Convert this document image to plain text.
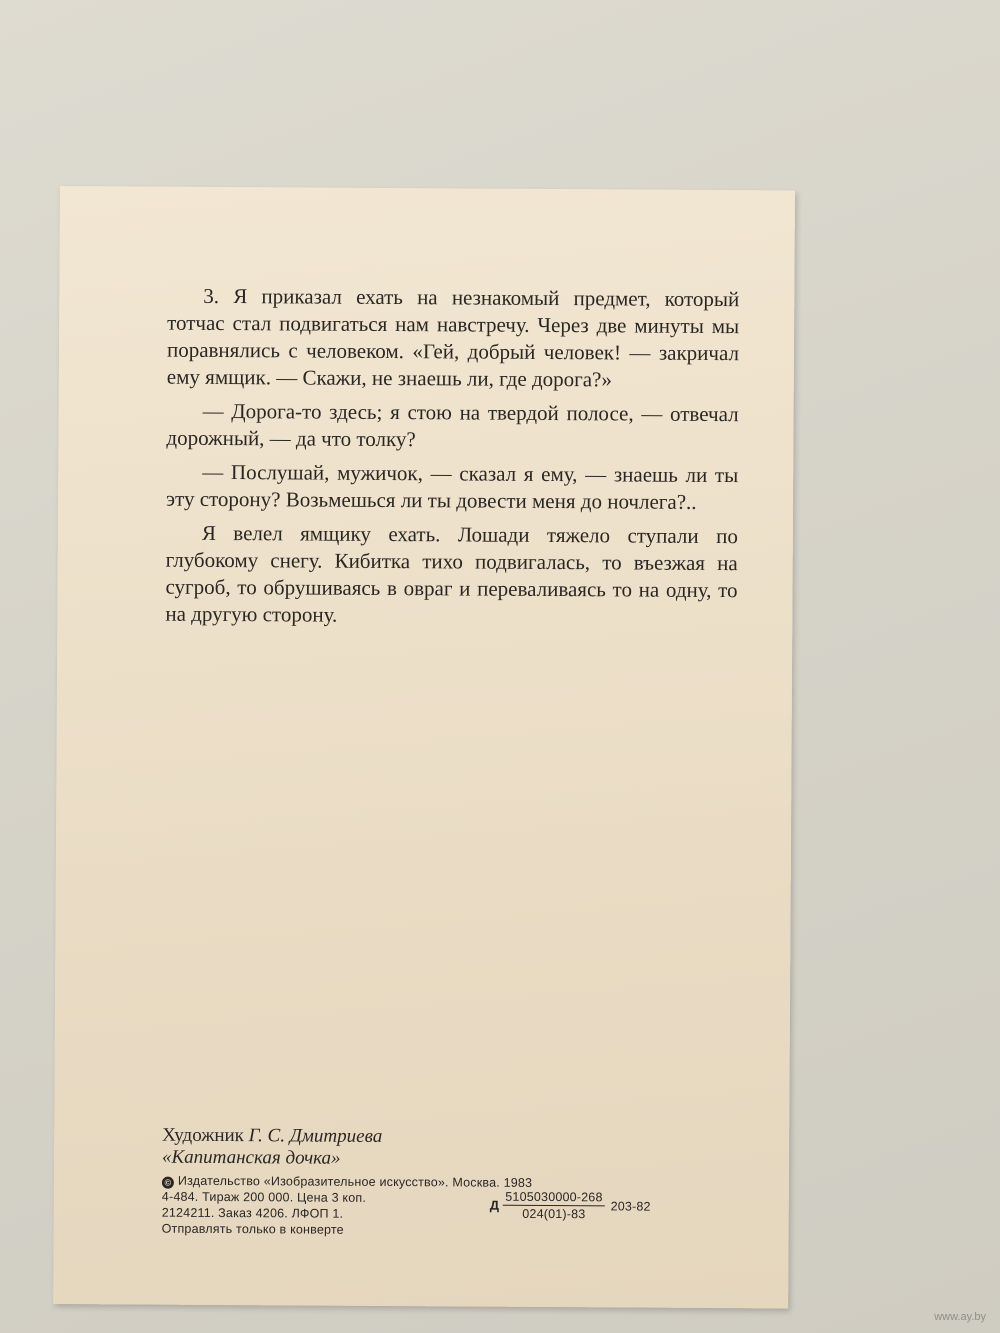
3. Я приказал ехать на незнакомый предмет, который тотчас стал подвигаться нам навстречу. Через две минуты мы поравнялись с человеком. «Гей, добрый человек! — закричал ему ямщик. — Скажи, не знаешь ли, где дорога?»

— Дорога-то здесь; я стою на твердой полосе, — отвечал дорожный, — да что толку?

— Послушай, мужичок, — сказал я ему, — знаешь ли ты эту сторону? Возьмешься ли ты довести меня до ночлега?..

Я велел ямщику ехать. Лошади тяжело ступали по глубокому снегу. Кибитка тихо подвигалась, то въезжая на сугроб, то обрушиваясь в овраг и переваливаясь то на одну, то на другую сторону.

Художник Г. С. Дмитриева
«Капитанская дочка»
© Издательство «Изобразительное искусство». Москва. 1983
4-484. Тираж 200 000. Цена 3 коп.
2124211. Заказ 4206. ЛФОП 1.
Отправлять только в конверте
Д $\frac{5105030000-268}{024(01)-83} 203-82$
www.ay.by
